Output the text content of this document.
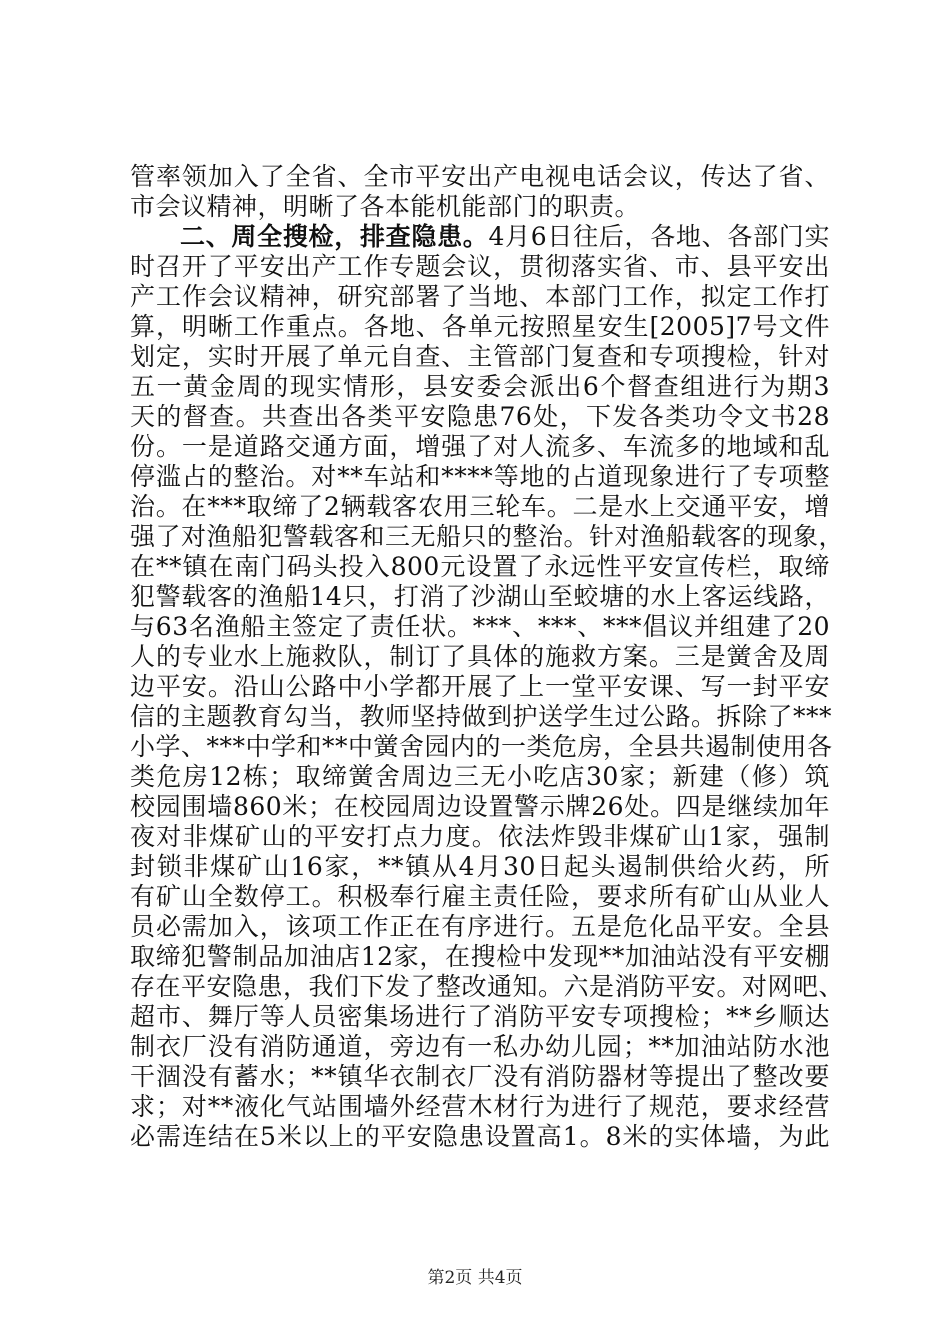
管率领加入了全省、全市平安出产电视电话会议，传达了省、
市会议精神，明晰了各本能机能部门的职责。
二、周全搜检，排查隐患。4月6日往后，各地、各部门实
时召开了平安出产工作专题会议，贯彻落实省、市、县平安出
产工作会议精神，研究部署了当地、本部门工作，拟定工作打
算，明晰工作重点。各地、各单元按照星安生[2005]7号文件
划定，实时开展了单元自查、主管部门复查和专项搜检，针对
五一黄金周的现实情形，县安委会派出6个督查组进行为期3
天的督查。共查出各类平安隐患76处，下发各类功令文书28
份。一是道路交通方面，增强了对人流多、车流多的地域和乱
停滥占的整治。对**车站和****等地的占道现象进行了专项整
治。在***取缔了2辆载客农用三轮车。二是水上交通平安，增
强了对渔船犯警载客和三无船只的整治。针对渔船载客的现象，
在**镇在南门码头投入800元设置了永远性平安宣传栏，取缔
犯警载客的渔船14只，打消了沙湖山至蛟塘的水上客运线路，
与63名渔船主签定了责任状。***、***、***倡议并组建了20
人的专业水上施救队，制订了具体的施救方案。三是黉舍及周
边平安。沿山公路中小学都开展了上一堂平安课、写一封平安
信的主题教育勾当，教师坚持做到护送学生过公路。拆除了***
小学、***中学和**中黉舍园内的一类危房，全县共遏制使用各
类危房12栋；取缔黉舍周边三无小吃店30家；新建（修）筑
校园围墙860米；在校园周边设置警示牌26处。四是继续加年
夜对非煤矿山的平安打点力度。依法炸毁非煤矿山1家，强制
封锁非煤矿山16家，**镇从4月30日起头遏制供给火药，所
有矿山全数停工。积极奉行雇主责任险，要求所有矿山从业人
员必需加入，该项工作正在有序进行。五是危化品平安。全县
取缔犯警制品加油店12家，在搜检中发现**加油站没有平安棚
存在平安隐患，我们下发了整改通知。六是消防平安。对网吧、
超市、舞厅等人员密集场进行了消防平安专项搜检；**乡顺达
制衣厂没有消防通道，旁边有一私办幼儿园；**加油站防水池
干涸没有蓄水；**镇华衣制衣厂没有消防器材等提出了整改要
求；对**液化气站围墙外经营木材行为进行了规范，要求经营
必需连结在5米以上的平安隐患设置高1。8米的实体墙，为此
第2页 共4页
